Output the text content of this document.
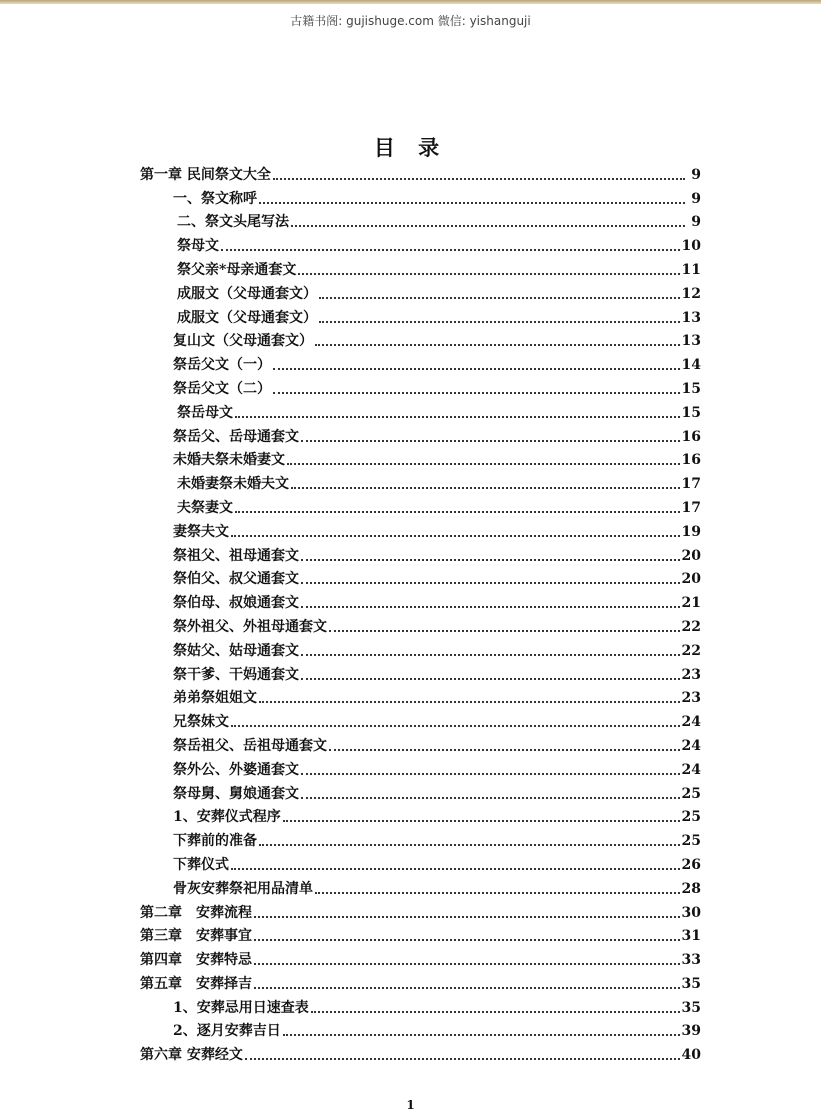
古籍书阁: gujishuge.com 微信: yishanguji
目 录
第一章 民间祭文大全	9
一、祭文称呼	9
二、祭文头尾写法	9
祭母文	10
祭父亲*母亲通套文	11
成服文（父母通套文）	12
成服文（父母通套文）	13
复山文（父母通套文）	13
祭岳父文（一）	14
祭岳父文（二）	15
祭岳母文	15
祭岳父、岳母通套文	16
未婚夫祭未婚妻文	16
未婚妻祭未婚夫文	17
夫祭妻文	17
妻祭夫文	19
祭祖父、祖母通套文	20
祭伯父、叔父通套文	20
祭伯母、叔娘通套文	21
祭外祖父、外祖母通套文	22
祭姑父、姑母通套文	22
祭干爹、干妈通套文	23
弟弟祭姐姐文	23
兄祭妹文	24
祭岳祖父、岳祖母通套文	24
祭外公、外婆通套文	24
祭母舅、舅娘通套文	25
1、安葬仪式程序	25
下葬前的准备	25
下葬仪式	26
骨灰安葬祭祀用品清单	28
第二章　安葬流程	30
第三章　安葬事宜	31
第四章　安葬特忌	33
第五章　安葬择吉	35
1、安葬忌用日速查表	35
2、逐月安葬吉日	39
第六章 安葬经文	40
1
